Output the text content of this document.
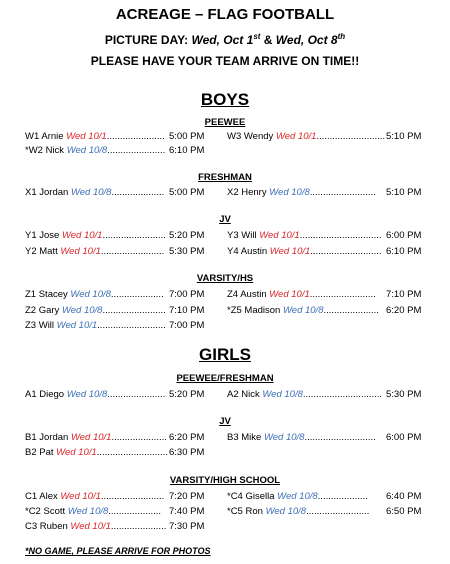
ACREAGE – FLAG FOOTBALL
PICTURE DAY: Wed, Oct 1st & Wed, Oct 8th
PLEASE HAVE YOUR TEAM ARRIVE ON TIME!!
BOYS
PEEWEE
W1 Arnie Wed 10/1...................... 5:00 PM W3 Wendy Wed 10/1.......................... 5:10 PM
*W2 Nick Wed 10/8...................... 6:10 PM
FRESHMAN
X1 Jordan Wed 10/8.................... 5:00 PM X2 Henry Wed 10/8......................... 5:10 PM
JV
Y1 Jose Wed 10/1........................ 5:20 PM Y3 Will Wed 10/1............................... 6:00 PM
Y2 Matt Wed 10/1........................ 5:30 PM Y4 Austin Wed 10/1........................... 6:10 PM
VARSITY/HS
Z1 Stacey Wed 10/8.................... 7:00 PM Z4 Austin Wed 10/1......................... 7:10 PM
Z2 Gary Wed 10/8........................ 7:10 PM *Z5 Madison Wed 10/8..................... 6:20 PM
Z3 Will Wed 10/1.......................... 7:00 PM
GIRLS
PEEWEE/FRESHMAN
A1 Diego Wed 10/8...................... 5:20 PM A2 Nick Wed 10/8.............................. 5:30 PM
JV
B1 Jordan Wed 10/1..................... 6:20 PM B3 Mike Wed 10/8........................... 6:00 PM
B2 Pat Wed 10/1........................... 6:30 PM
VARSITY/HIGH SCHOOL
C1 Alex Wed 10/1........................ 7:20 PM *C4 Gisella Wed 10/8................... 6:40 PM
*C2 Scott Wed 10/8.................... 7:40 PM *C5 Ron Wed 10/8........................ 6:50 PM
C3 Ruben Wed 10/1..................... 7:30 PM
*NO GAME, PLEASE ARRIVE FOR PHOTOS
